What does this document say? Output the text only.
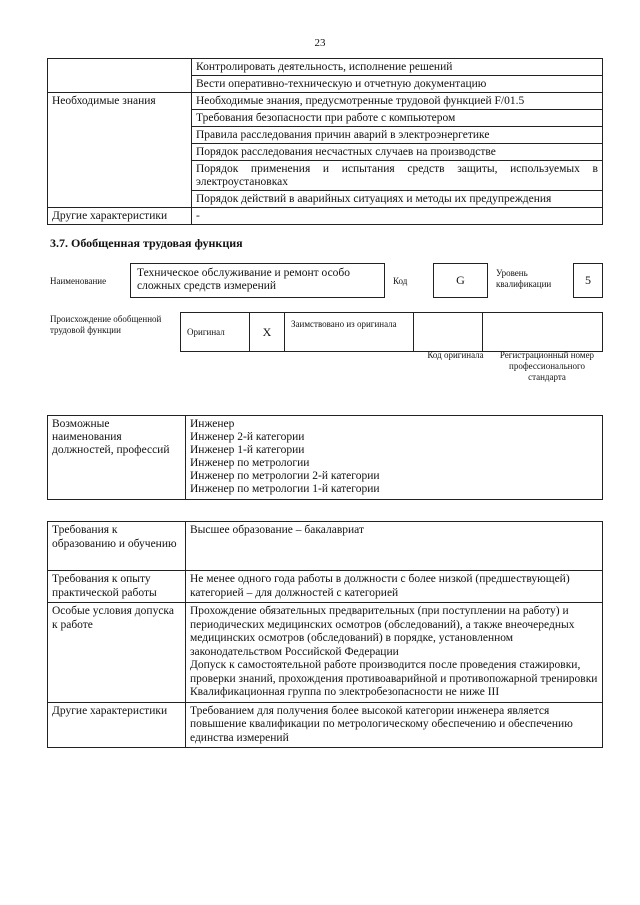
23
	Контролировать деятельность, исполнение решений
	Вести оперативно-техническую и отчетную документацию
Необходимые знания	Необходимые знания, предусмотренные трудовой функцией F/01.5
	Требования безопасности при работе с компьютером
	Правила расследования причин аварий в электроэнергетике
	Порядок расследования несчастных случаев на производстве
	Порядок применения и испытания средств защиты, используемых в электроустановках
	Порядок действий в аварийных ситуациях и методы их предупреждения
Другие характеристики	-
3.7. Обобщенная трудовая функция
Наименование
Техническое обслуживание и ремонт особо сложных средств измерений	Код	G	Уровень квалификации	5
Происхождение обобщенной трудовой функции	Оригинал	X	Заимствовано из оригинала		
Код оригинала	Регистрационный номер профессионального стандарта
Возможные наименования должностей, профессий	
Инженер
Инженер 2-й категории
Инженер 1-й категории
Инженер по метрологии
Инженер по метрологии 2-й категории
Инженер по метрологии 1-й категории
Требования к образованию и обучению	Высшее образование – бакалавриат
Требования к опыту практической работы	Не менее одного года работы в должности с более низкой (предшествующей) категорией – для должностей с категорией
Особые условия допуска к работе	Прохождение обязательных предварительных (при поступлении на работу) и периодических медицинских осмотров (обследований), а также внеочередных медицинских осмотров (обследований) в порядке, установленном законодательством Российской Федерации
Допуск к самостоятельной работе производится после проведения стажировки, проверки знаний, прохождения противоаварийной и противопожарной тренировки
Квалификационная группа по электробезопасности не ниже III

Другие характеристики	Требованием для получения более высокой категории инженера является повышение квалификации по метрологическому обеспечению и обеспечению единства измерений
